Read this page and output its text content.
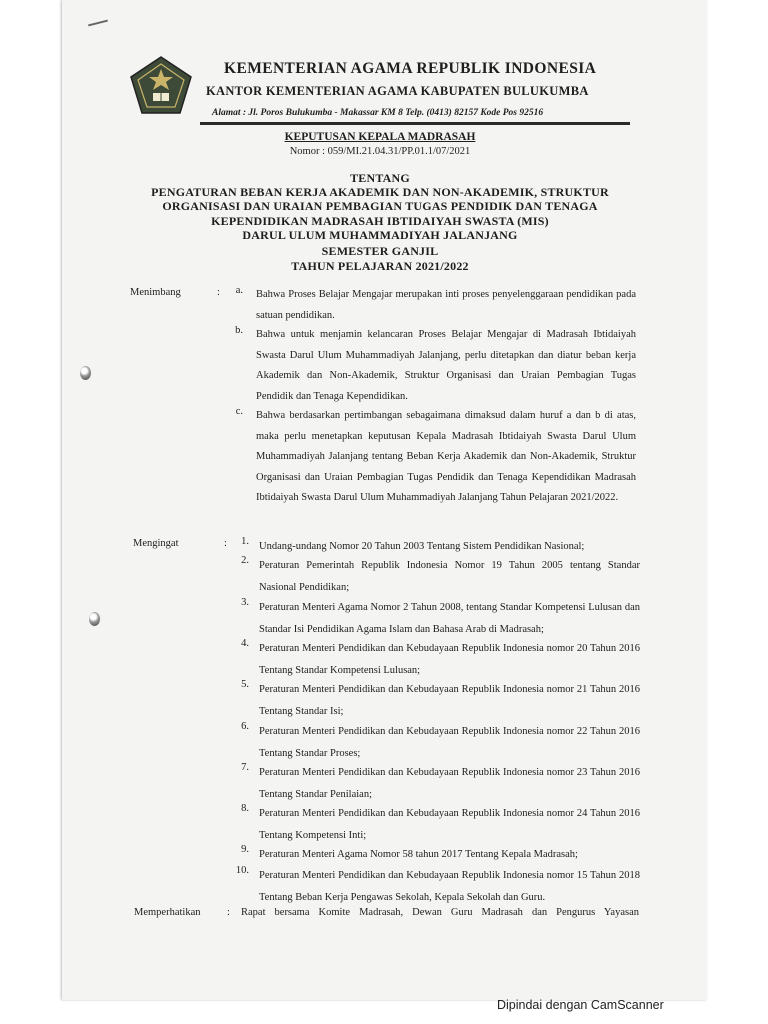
KEMENTERIAN AGAMA REPUBLIK INDONESIA
KANTOR KEMENTERIAN AGAMA KABUPATEN BULUKUMBA
Alamat : Jl. Poros Bulukumba - Makassar KM 8 Telp. (0413) 82157 Kode Pos 92516
KEPUTUSAN KEPALA MADRASAH
Nomor : 059/MI.21.04.31/PP.01.1/07/2021
TENTANG
PENGATURAN BEBAN KERJA AKADEMIK DAN NON-AKADEMIK, STRUKTUR
ORGANISASI DAN URAIAN PEMBAGIAN TUGAS PENDIDIK DAN TENAGA
KEPENDIDIKAN MADRASAH IBTIDAIYAH SWASTA (MIS)
DARUL ULUM MUHAMMADIYAH JALANJANG
SEMESTER GANJIL
TAHUN PELAJARAN 2021/2022
Menimbang	:	a. Bahwa Proses Belajar Mengajar merupakan inti proses penyelenggaraan pendidikan pada satuan pendidikan.
b. Bahwa untuk menjamin kelancaran Proses Belajar Mengajar di Madrasah Ibtidaiyah Swasta Darul Ulum Muhammadiyah Jalanjang, perlu ditetapkan dan diatur beban kerja Akademik dan Non-Akademik, Struktur Organisasi dan Uraian Pembagian Tugas Pendidik dan Tenaga Kependidikan.
c. Bahwa berdasarkan pertimbangan sebagaimana dimaksud dalam huruf a dan b di atas, maka perlu menetapkan keputusan Kepala Madrasah Ibtidaiyah Swasta Darul Ulum Muhammadiyah Jalanjang tentang Beban Kerja Akademik dan Non-Akademik, Struktur Organisasi dan Uraian Pembagian Tugas Pendidik dan Tenaga Kependidikan Madrasah Ibtidaiyah Swasta Darul Ulum Muhammadiyah Jalanjang Tahun Pelajaran 2021/2022.
Mengingat	:	1. Undang-undang Nomor 20 Tahun 2003 Tentang Sistem Pendidikan Nasional;
2. Peraturan Pemerintah Republik Indonesia Nomor 19 Tahun 2005 tentang Standar Nasional Pendidikan;
3. Peraturan Menteri Agama Nomor 2 Tahun 2008, tentang Standar Kompetensi Lulusan dan Standar Isi Pendidikan Agama Islam dan Bahasa Arab di Madrasah;
4. Peraturan Menteri Pendidikan dan Kebudayaan Republik Indonesia nomor 20 Tahun 2016 Tentang Standar Kompetensi Lulusan;
5. Peraturan Menteri Pendidikan dan Kebudayaan Republik Indonesia nomor 21 Tahun 2016 Tentang Standar Isi;
6. Peraturan Menteri Pendidikan dan Kebudayaan Republik Indonesia nomor 22 Tahun 2016 Tentang Standar Proses;
7. Peraturan Menteri Pendidikan dan Kebudayaan Republik Indonesia nomor 23 Tahun 2016 Tentang Standar Penilaian;
8. Peraturan Menteri Pendidikan dan Kebudayaan Republik Indonesia nomor 24 Tahun 2016 Tentang Kompetensi Inti;
9. Peraturan Menteri Agama Nomor 58 tahun 2017 Tentang Kepala Madrasah;
10. Peraturan Menteri Pendidikan dan Kebudayaan Republik Indonesia nomor 15 Tahun 2018 Tentang Beban Kerja Pengawas Sekolah, Kepala Sekolah dan Guru.
Memperhatikan	: Rapat bersama Komite Madrasah, Dewan Guru Madrasah dan Pengurus Yayasan
Dipindai dengan CamScanner
